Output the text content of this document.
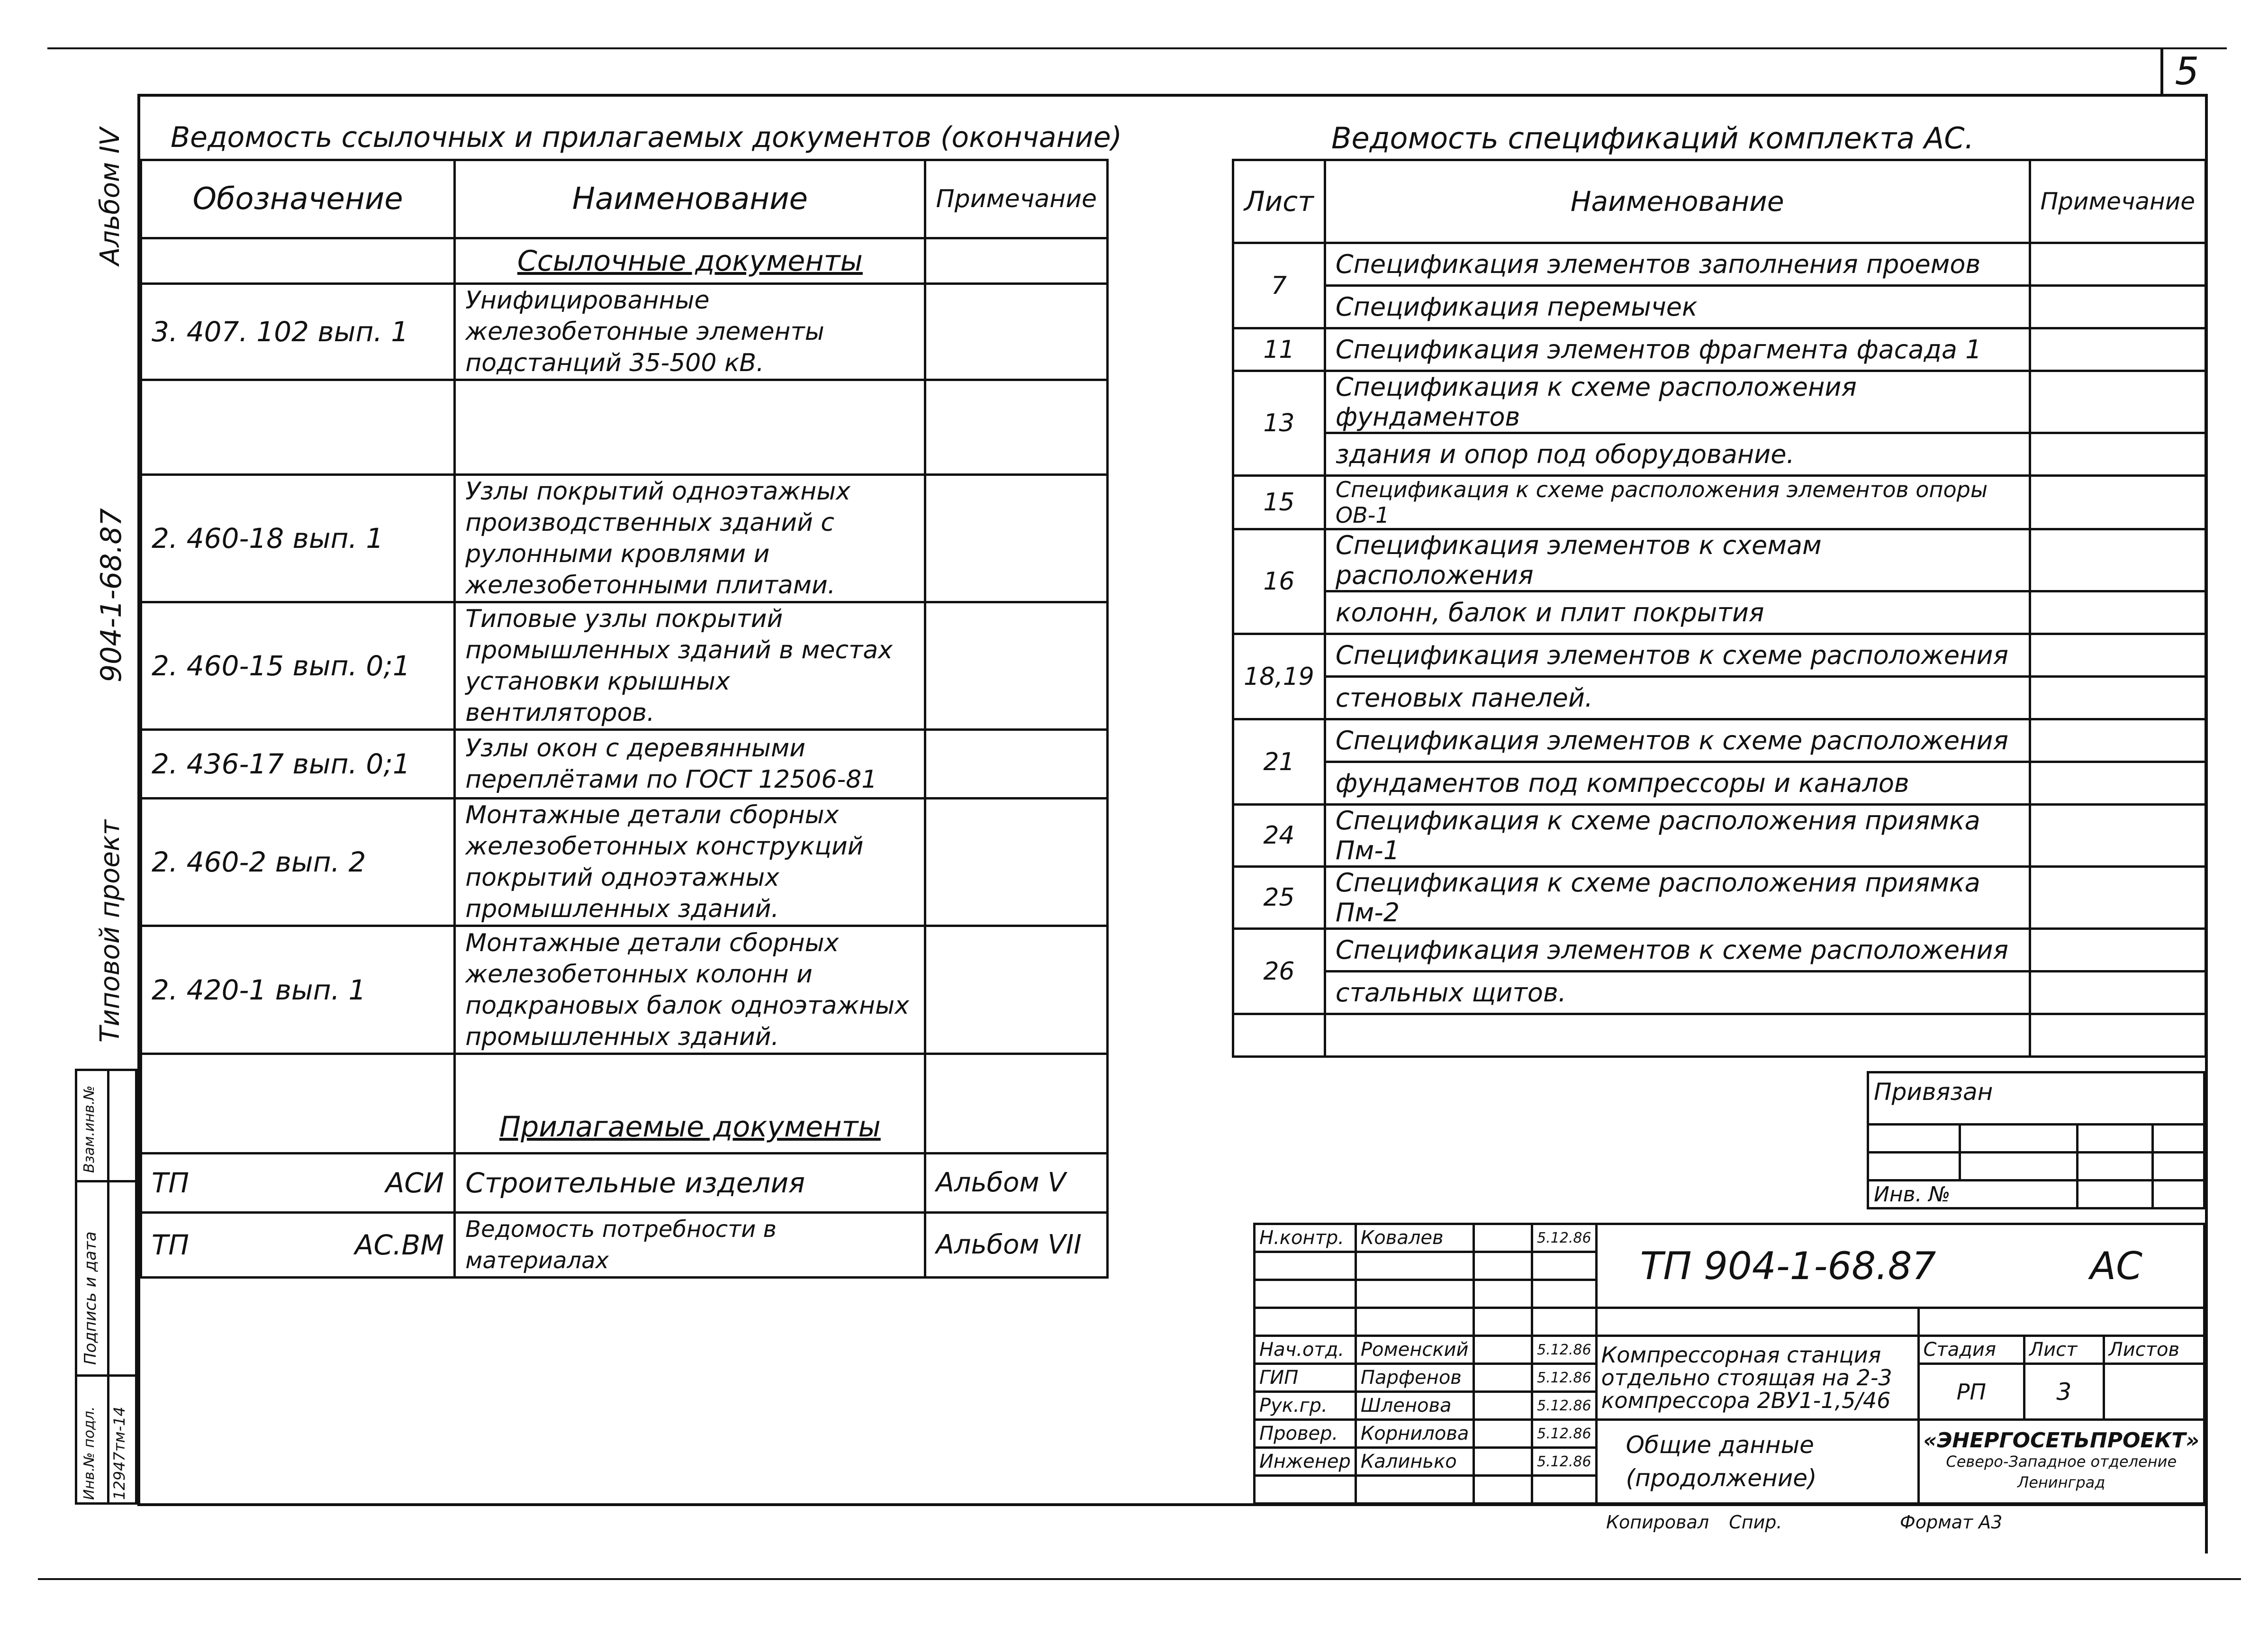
5
Ведомость ссылочных и прилагаемых документов (окончание)
Обозначение	Наименование	Примечание
	Ссылочные документы	
3. 407. 102 вып. 1	Унифицированные железобетонные элементы подстанций 35-500 кВ.	

2. 460-18 вып. 1	Узлы покрытий одноэтажных производственных зданий с рулонными кровлями и железобетонными плитами.	
2. 460-15 вып. 0;1	Типовые узлы покрытий промышленных зданий в местах установки крышных вентиляторов.	
2. 436-17 вып. 0;1	Узлы окон с деревянными переплётами по ГОСТ 12506-81	
2. 460-2 вып. 2	Монтажные детали сборных железобетонных конструкций покрытий одноэтажных промышленных зданий.	
2. 420-1 вып. 1	Монтажные детали сборных железобетонных колонн и подкрановых балок одноэтажных промышленных зданий.	
	Прилагаемые документы	
ТП АСИ	Строительные изделия	Альбом V
ТП АС.ВМ	Ведомость потребности в материалах	Альбом VII
Ведомость спецификаций комплекта АС.
Лист	Наименование	Примечание
7	Спецификация элементов заполнения проемов	
	Спецификация перемычек	
11	Спецификация элементов фрагмента фасада 1	
13	Спецификация к схеме расположения фундаментов	
	здания и опор под оборудование.	
15	Спецификация к схеме расположения элементов опоры ОВ-1	
16	Спецификация элементов к схемам расположения	
	колонн, балок и плит покрытия	
18,19	Спецификация элементов к схеме расположения	
	стеновых панелей.	
21	Спецификация элементов к схеме расположения	
	фундаментов под компрессоры и каналов	
24	Спецификация к схеме расположения приямка Пм-1	
25	Спецификация к схеме расположения приямка Пм-2	
26	Спецификация элементов к схеме расположения	
	стальных щитов.	

Привязан			

Инв. №			
Н.контр.	Ковалев		5.12.86	ТП 904-1-68.87 АС			

Нач.отд.	Роменский		5.12.86	Компрессорная станция отдельно стоящая на 2-3 компрессора 2ВУ1-1,5/46	Стадия	Лист	Листов
ГИП	Парфенов		5.12.86		РП	3	
Рук.гр.	Шленова		5.12.86				
Провер.	Корнилова		5.12.86	Общие данные (продолжение)	«ЭНЕРГОСЕТЬПРОЕКТ»
Северо-Западное отделение Ленинград		

Инженер	Калинько		5.12.86				

Копировал Спир.	Формат А3
Альбом IV
904-1-68.87
Типовой проект
Взам.инв.№
Подпись и дата
Инв.№ подл. 12947тм-14
